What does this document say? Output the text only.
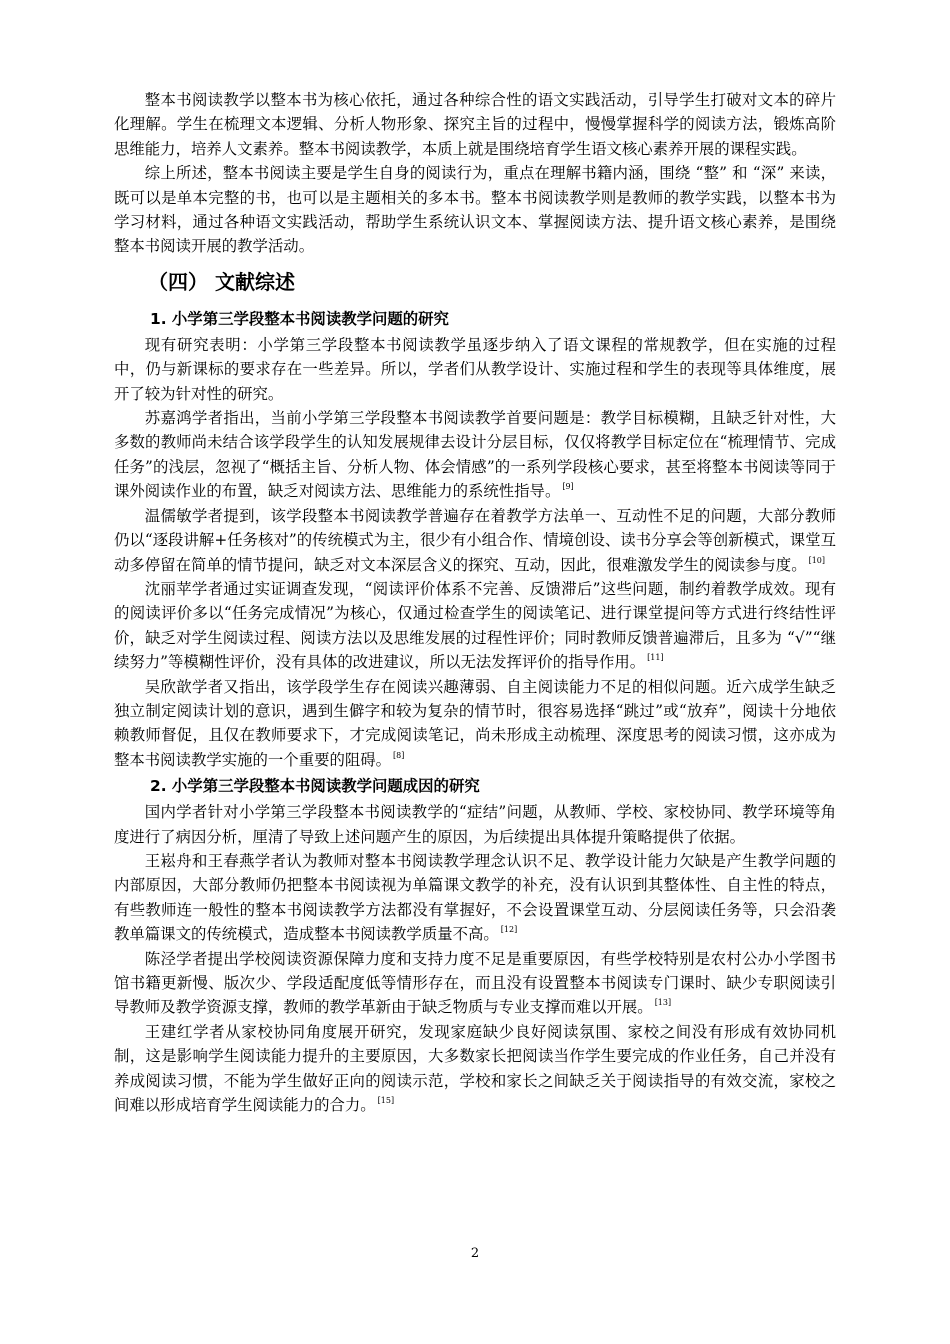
整本书阅读教学以整本书为核心依托，通过各种综合性的语文实践活动，引导学生打破对文本的碎片化理解。学生在梳理文本逻辑、分析人物形象、探究主旨的过程中，慢慢掌握科学的阅读方法，锻炼高阶思维能力，培养人文素养。整本书阅读教学，本质上就是围绕培育学生语文核心素养开展的课程实践。

综上所述，整本书阅读主要是学生自身的阅读行为，重点在理解书籍内涵，围绕 “整” 和 “深” 来读，既可以是单本完整的书，也可以是主题相关的多本书。整本书阅读教学则是教师的教学实践，以整本书为学习材料，通过各种语文实践活动，帮助学生系统认识文本、掌握阅读方法、提升语文核心素养，是围绕整本书阅读开展的教学活动。

（四） 文献综述
1. 小学第三学段整本书阅读教学问题的研究

现有研究表明：小学第三学段整本书阅读教学虽逐步纳入了语文课程的常规教学，但在实施的过程中，仍与新课标的要求存在一些差异。所以，学者们从教学设计、实施过程和学生的表现等具体维度，展开了较为针对性的研究。

苏嘉鸿学者指出，当前小学第三学段整本书阅读教学首要问题是：教学目标模糊，且缺乏针对性，大多数的教师尚未结合该学段学生的认知发展规律去设计分层目标，仅仅将教学目标定位在“梳理情节、完成任务”的浅层，忽视了“概括主旨、分析人物、体会情感”的一系列学段核心要求，甚至将整本书阅读等同于课外阅读作业的布置，缺乏对阅读方法、思维能力的系统性指导。 [9]

温儒敏学者提到，该学段整本书阅读教学普遍存在着教学方法单一、互动性不足的问题，大部分教师仍以“逐段讲解+任务核对”的传统模式为主，很少有小组合作、情境创设、读书分享会等创新模式，课堂互动多停留在简单的情节提问，缺乏对文本深层含义的探究、互动，因此，很难激发学生的阅读参与度。 [10]

沈丽苹学者通过实证调查发现，“阅读评价体系不完善、反馈滞后”这些问题，制约着教学成效。现有的阅读评价多以“任务完成情况”为核心，仅通过检查学生的阅读笔记、进行课堂提问等方式进行终结性评价，缺乏对学生阅读过程、阅读方法以及思维发展的过程性评价；同时教师反馈普遍滞后，且多为 “√”“继续努力”等模糊性评价，没有具体的改进建议，所以无法发挥评价的指导作用。 [11]

吴欣歆学者又指出，该学段学生存在阅读兴趣薄弱、自主阅读能力不足的相似问题。近六成学生缺乏独立制定阅读计划的意识，遇到生僻字和较为复杂的情节时，很容易选择“跳过”或“放弃”，阅读十分地依赖教师督促，且仅在教师要求下，才完成阅读笔记，尚未形成主动梳理、深度思考的阅读习惯，这亦成为整本书阅读教学实施的一个重要的阻碍。 [8]

2. 小学第三学段整本书阅读教学问题成因的研究

国内学者针对小学第三学段整本书阅读教学的“症结”问题，从教师、学校、家校协同、教学环境等角度进行了病因分析，厘清了导致上述问题产生的原因，为后续提出具体提升策略提供了依据。

王崧舟和王春燕学者认为教师对整本书阅读教学理念认识不足、教学设计能力欠缺是产生教学问题的内部原因，大部分教师仍把整本书阅读视为单篇课文教学的补充，没有认识到其整体性、自主性的特点，有些教师连一般性的整本书阅读教学方法都没有掌握好，不会设置课堂互动、分层阅读任务等，只会沿袭教单篇课文的传统模式，造成整本书阅读教学质量不高。 [12]

陈泾学者提出学校阅读资源保障力度和支持力度不足是重要原因，有些学校特别是农村公办小学图书馆书籍更新慢、版次少、学段适配度低等情形存在，而且没有设置整本书阅读专门课时、缺少专职阅读引导教师及教学资源支撑，教师的教学革新由于缺乏物质与专业支撑而难以开展。 [13]

王建红学者从家校协同角度展开研究，发现家庭缺少良好阅读氛围、家校之间没有形成有效协同机制，这是影响学生阅读能力提升的主要原因，大多数家长把阅读当作学生要完成的作业任务，自己并没有养成阅读习惯，不能为学生做好正向的阅读示范，学校和家长之间缺乏关于阅读指导的有效交流，家校之间难以形成培育学生阅读能力的合力。 [15]

2
